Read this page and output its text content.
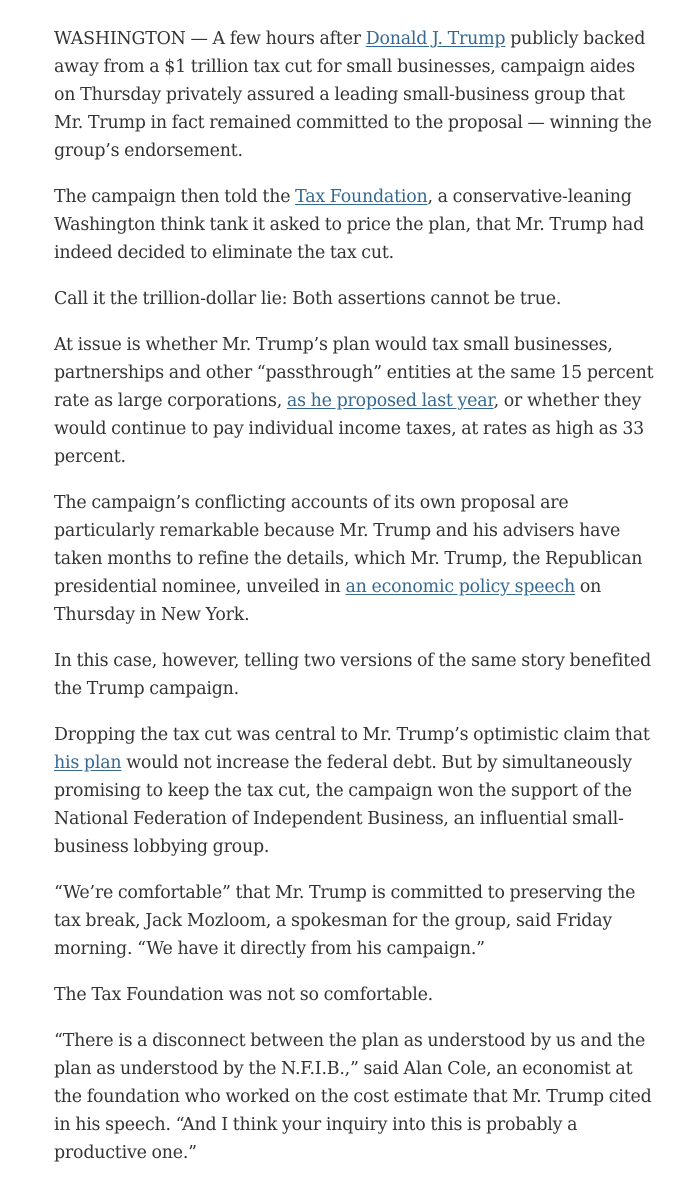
WASHINGTON — A few hours after Donald J. Trump publicly backed away from a $1 trillion tax cut for small businesses, campaign aides on Thursday privately assured a leading small-business group that Mr. Trump in fact remained committed to the proposal — winning the group’s endorsement.

The campaign then told the Tax Foundation, a conservative-leaning Washington think tank it asked to price the plan, that Mr. Trump had indeed decided to eliminate the tax cut.

Call it the trillion-dollar lie: Both assertions cannot be true.

At issue is whether Mr. Trump’s plan would tax small businesses, partnerships and other “passthrough” entities at the same 15 percent rate as large corporations, as he proposed last year, or whether they would continue to pay individual income taxes, at rates as high as 33 percent.

The campaign’s conflicting accounts of its own proposal are particularly remarkable because Mr. Trump and his advisers have taken months to refine the details, which Mr. Trump, the Republican presidential nominee, unveiled in an economic policy speech on Thursday in New York.

In this case, however, telling two versions of the same story benefited the Trump campaign.

Dropping the tax cut was central to Mr. Trump’s optimistic claim that his plan would not increase the federal debt. But by simultaneously promising to keep the tax cut, the campaign won the support of the National Federation of Independent Business, an influential small-business lobbying group.

“We’re comfortable” that Mr. Trump is committed to preserving the tax break, Jack Mozloom, a spokesman for the group, said Friday morning. “We have it directly from his campaign.”

The Tax Foundation was not so comfortable.

“There is a disconnect between the plan as understood by us and the plan as understood by the N.F.I.B.,” said Alan Cole, an economist at the foundation who worked on the cost estimate that Mr. Trump cited in his speech. “And I think your inquiry into this is probably a productive one.”
